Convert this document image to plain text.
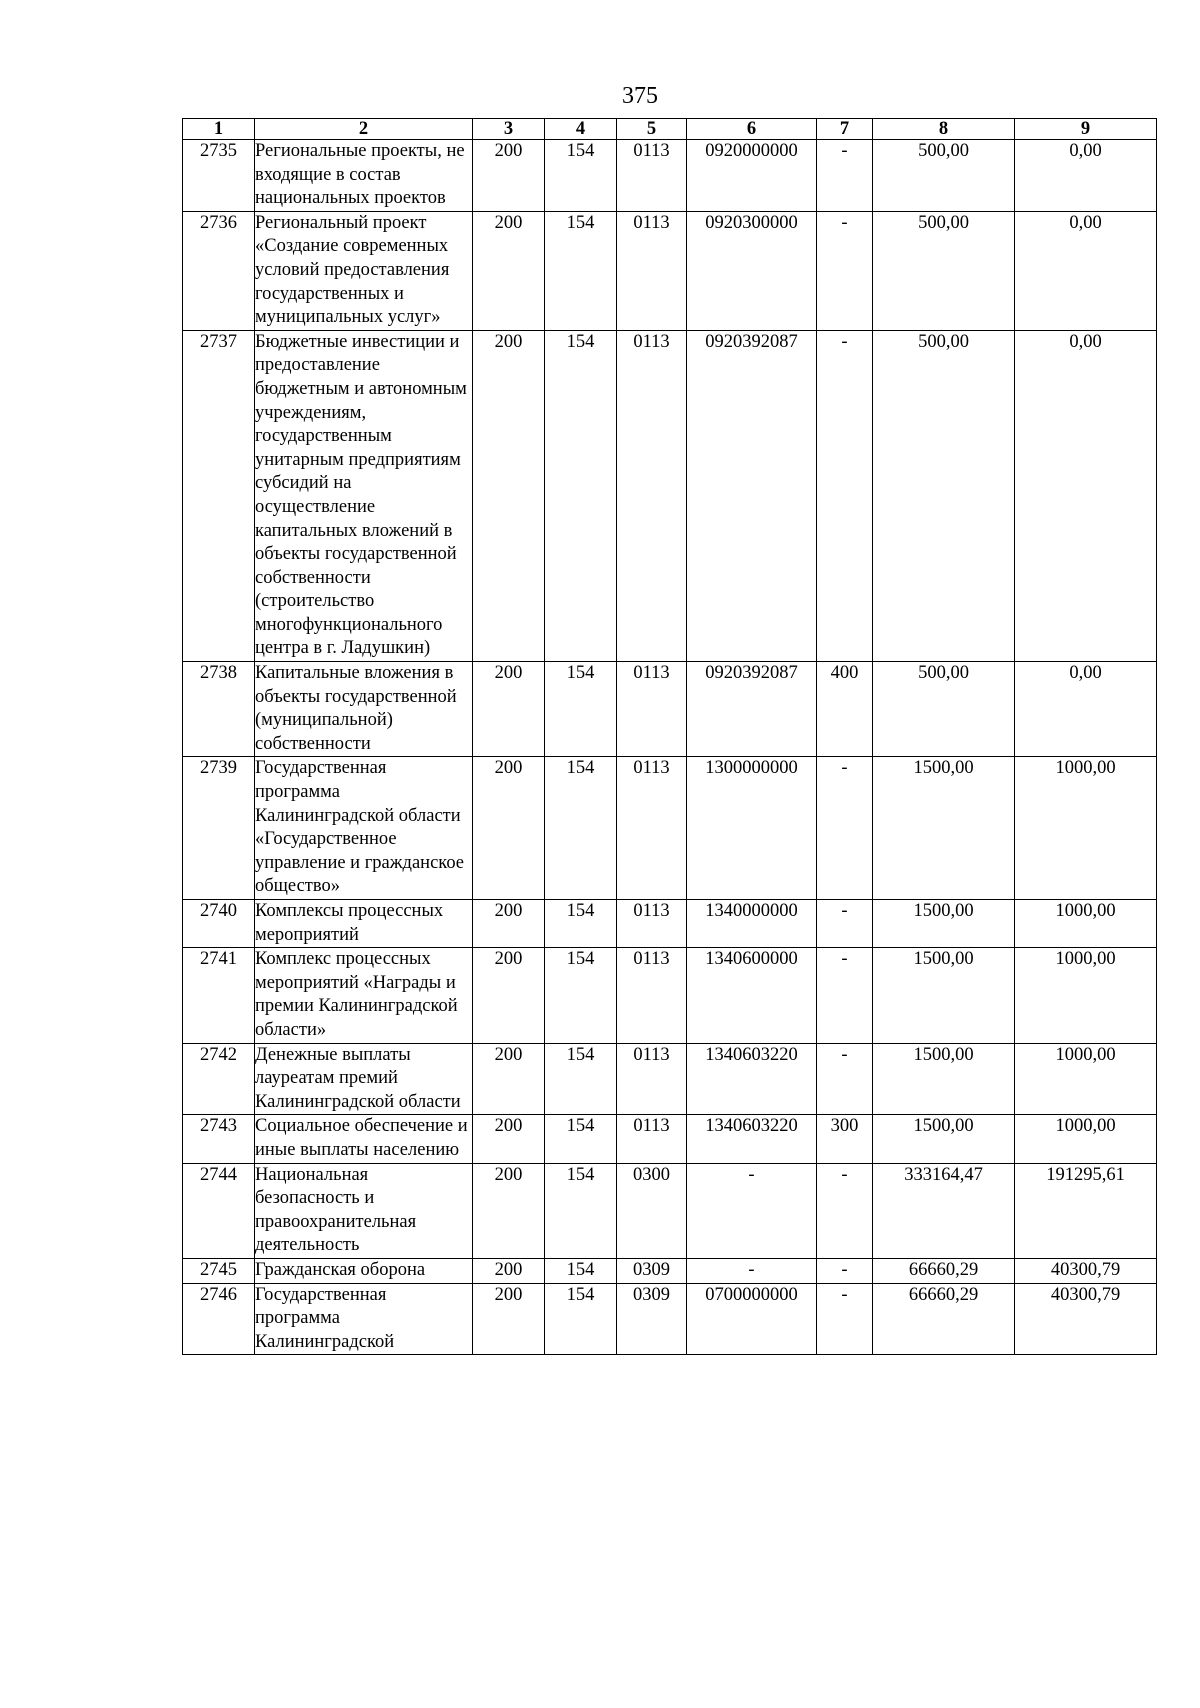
375
1	2	3	4	5	6	7	8	9
2735	Региональные проекты, не входящие в состав национальных проектов	200	154	0113	0920000000	-	500,00	0,00
2736	Региональный проект «Создание современных условий предоставления государственных и муниципальных услуг»	200	154	0113	0920300000	-	500,00	0,00
2737	Бюджетные инвестиции и предоставление бюджетным и автономным учреждениям, государственным унитарным предприятиям субсидий на осуществление капитальных вложений в объекты государственной собственности (строительство многофункционального центра в г. Ладушкин)	200	154	0113	0920392087	-	500,00	0,00
2738	Капитальные вложения в объекты государственной (муниципальной) собственности	200	154	0113	0920392087	400	500,00	0,00
2739	Государственная программа Калининградской области «Государственное управление и гражданское общество»	200	154	0113	1300000000	-	1500,00	1000,00
2740	Комплексы процессных мероприятий	200	154	0113	1340000000	-	1500,00	1000,00
2741	Комплекс процессных мероприятий «Награды и премии Калининградской области»	200	154	0113	1340600000	-	1500,00	1000,00
2742	Денежные выплаты лауреатам премий Калининградской области	200	154	0113	1340603220	-	1500,00	1000,00
2743	Социальное обеспечение и иные выплаты населению	200	154	0113	1340603220	300	1500,00	1000,00
2744	Национальная безопасность и правоохранительная деятельность	200	154	0300	-	-	333164,47	191295,61
2745	Гражданская оборона	200	154	0309	-	-	66660,29	40300,79
2746	Государственная программа Калининградской	200	154	0309	0700000000	-	66660,29	40300,79
